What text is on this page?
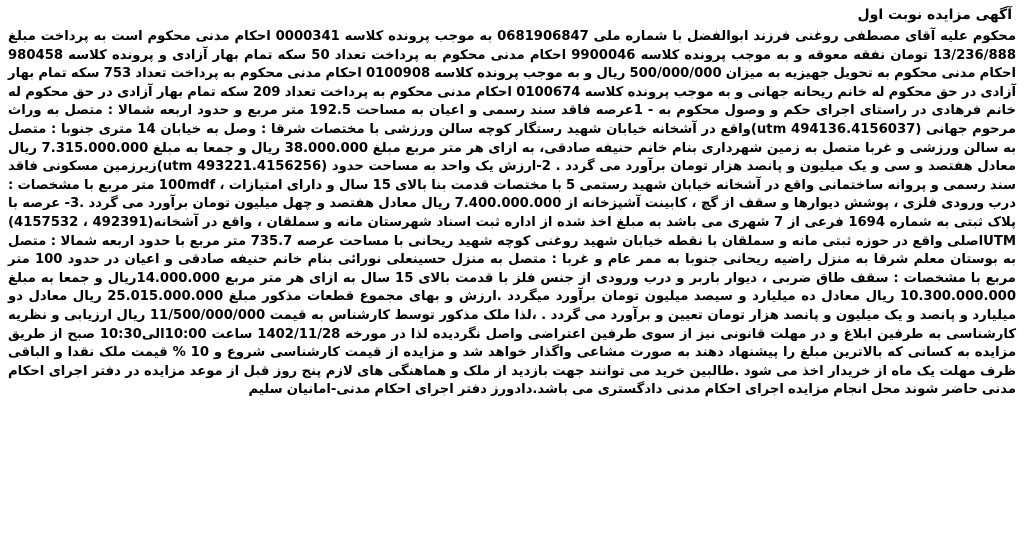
آگهی مزایده نوبت اول

محکوم علیه آقای مصطفی روغنی فرزند ابوالفضل با شماره ملی 0681906847 به موجب پرونده کلاسه 0000341 احکام مدنی محکوم است به پرداخت مبلغ 13/236/888 تومان نفقه معوقه و به موجب پرونده کلاسه 9900046 احکام مدنی محکوم به پرداخت تعداد 50 سکه تمام بهار آزادی و پرونده کلاسه 980458 احکام مدنی محکوم به تحویل جهیزیه به میزان 500/000/000 ریال و به موجب پرونده کلاسه 0100908 احکام مدنی محکوم به پرداخت تعداد 753 سکه تمام بهار آزادی در حق محکوم له خانم ریحانه جهانی و به موجب پرونده کلاسه 0100674 احکام مدنی محکوم به پرداخت تعداد 209 سکه تمام بهار آزادی در حق محکوم له خانم فرهادی در راستای اجرای حکم و وصول محکوم به - 1عرصه فاقد سند رسمی و اعیان به مساحت 192.5 متر مربع و حدود اربعه شمالا : متصل به وراث مرحوم جهانی (utm 494136.4156037)واقع در آشخانه خیابان شهید رستگار کوچه سالن ورزشی با مختصات شرقا : وصل به خیابان 14 متری جنوبا : متصل به سالن ورزشی و غربا متصل به زمین شهرداری بنام خانم حنیفه صادقی، به ازای هر متر مربع مبلغ 38.000.000 ریال و جمعا به مبلغ 7.315.000.000 ریال معادل هفتصد و سی و یک میلیون و پانصد هزار تومان برآورد می گردد . 2-ارزش یک واحد به مساحت حدود (utm 493221.4156256)زیرزمین مسکونی فاقد سند رسمی و پروانه ساختمانی واقع در آشخانه خیابان شهید رستمی 5 با مختصات قدمت بنا بالای 15 سال و دارای امتیازات ، 100mdf متر مربع با مشخصات : درب ورودی فلزی ، پوشش دیوارها و سقف از گچ ، کابینت آشپزخانه از 7.400.000.000 ریال معادل هفتصد و چهل میلیون تومان برآورد می گردد .3- عرصه با پلاک ثبتی به شماره 1694 فرعی از 7 شهری می باشد به مبلغ اخذ شده از اداره ثبت اسناد شهرستان مانه و سملقان ، واقع در آشخانه(492391 ، 4157532) UTMاصلی واقع در حوزه ثبتی مانه و سملقان با نقطه خیابان شهید روغنی کوچه شهید ریحانی با مساحت عرصه 735.7 متر مربع با حدود اربعه شمالا : متصل به بوستان معلم شرقا به منزل راضیه ریحانی جنوبا به ممر عام و غربا : متصل به منزل حسینعلی نورائی بنام خانم حنیفه صادقی و اعیان در حدود 100 متر مربع با مشخصات : سقف طاق ضربی ، دیوار باربر و درب ورودی از جنس فلز با قدمت بالای 15 سال به ازای هر متر مربع 14.000.000ریال و جمعا به مبلغ 10.300.000.000 ریال معادل ده میلیارد و سیصد میلیون تومان برآورد میگردد .ارزش و بهای مجموع قطعات مذکور مبلغ 25.015.000.000 ریال معادل دو میلیارد و پانصد و یک میلیون و پانصد هزار تومان تعیین و برآورد می گردد . ،لذا ملک مذکور توسط کارشناس به قیمت 11/500/000/000 ریال ارزیابی و نظریه کارشناسی به طرفین ابلاغ و در مهلت قانونی نیز از سوی طرفین اعتراضی واصل نگردیده لذا در مورخه 1402/11/28 ساعت 10:00الی10:30 صبح از طریق مزایده به کسانی که بالاترین مبلغ را پیشنهاد دهند به صورت مشاعی واگذار خواهد شد و مزایده از قیمت کارشناسی شروع و 10 % قیمت ملک نقدا و الباقی ظرف مهلت یک ماه از خریدار اخذ می شود .طالبین خرید می توانند جهت بازدید از ملک و هماهنگی های لازم پنج روز قبل از موعد مزایده در دفتر اجرای احکام مدنی حاضر شوند محل انجام مزایده اجرای احکام مدنی دادگستری می باشد.دادورز دفتر اجرای احکام مدنی-امانیان سلیم
